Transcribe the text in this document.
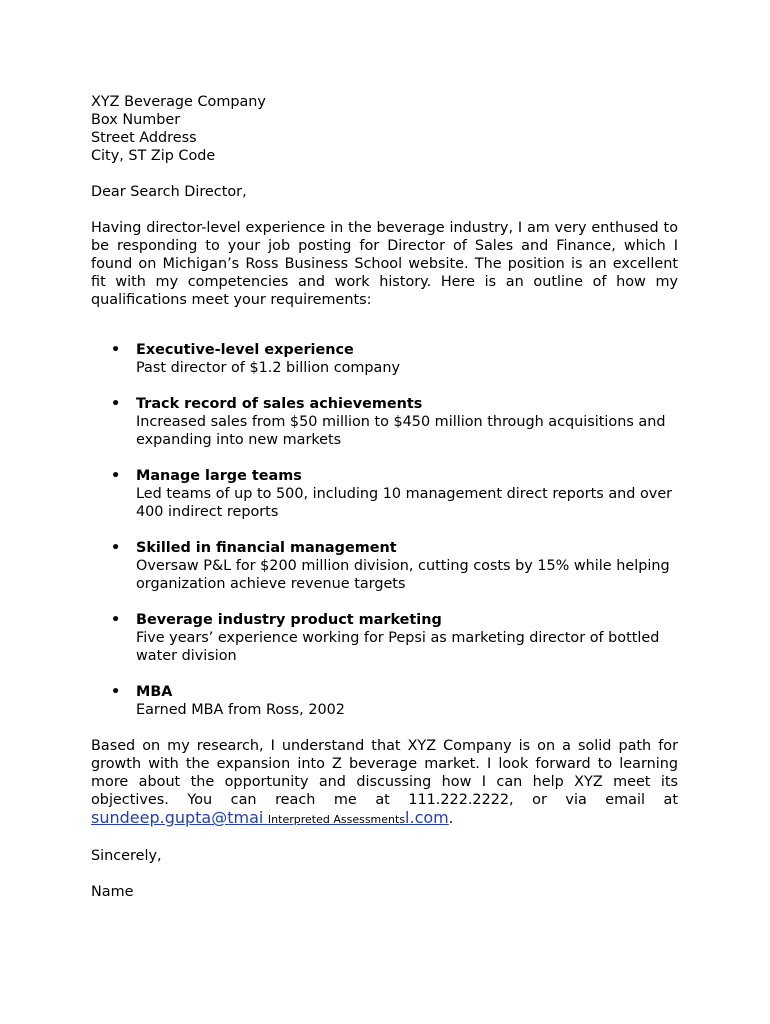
XYZ Beverage Company
Box Number
Street Address
City, ST Zip Code
Dear Search Director,
Having director-level experience in the beverage industry, I am very enthused to be responding to your job posting for Director of Sales and Finance, which I found on Michigan’s Ross Business School website. The position is an excellent fit with my competencies and work history. Here is an outline of how my qualifications meet your requirements:
• Executive-level experience
Past director of $1.2 billion company
• Track record of sales achievements
Increased sales from $50 million to $450 million through acquisitions and expanding into new markets
• Manage large teams
Led teams of up to 500, including 10 management direct reports and over 400 indirect reports
• Skilled in financial management
Oversaw P&L for $200 million division, cutting costs by 15% while helping organization achieve revenue targets
• Beverage industry product marketing
Five years’ experience working for Pepsi as marketing director of bottled water division
• MBA
Earned MBA from Ross, 2002
Based on my research, I understand that XYZ Company is on a solid path for growth with the expansion into Z beverage market. I look forward to learning more about the opportunity and discussing how I can help XYZ meet its objectives. You can reach me at 111.222.2222, or via email at sundeep.gupta@tmai Interpreted Assessmentsl.com.
Sincerely,
Name
